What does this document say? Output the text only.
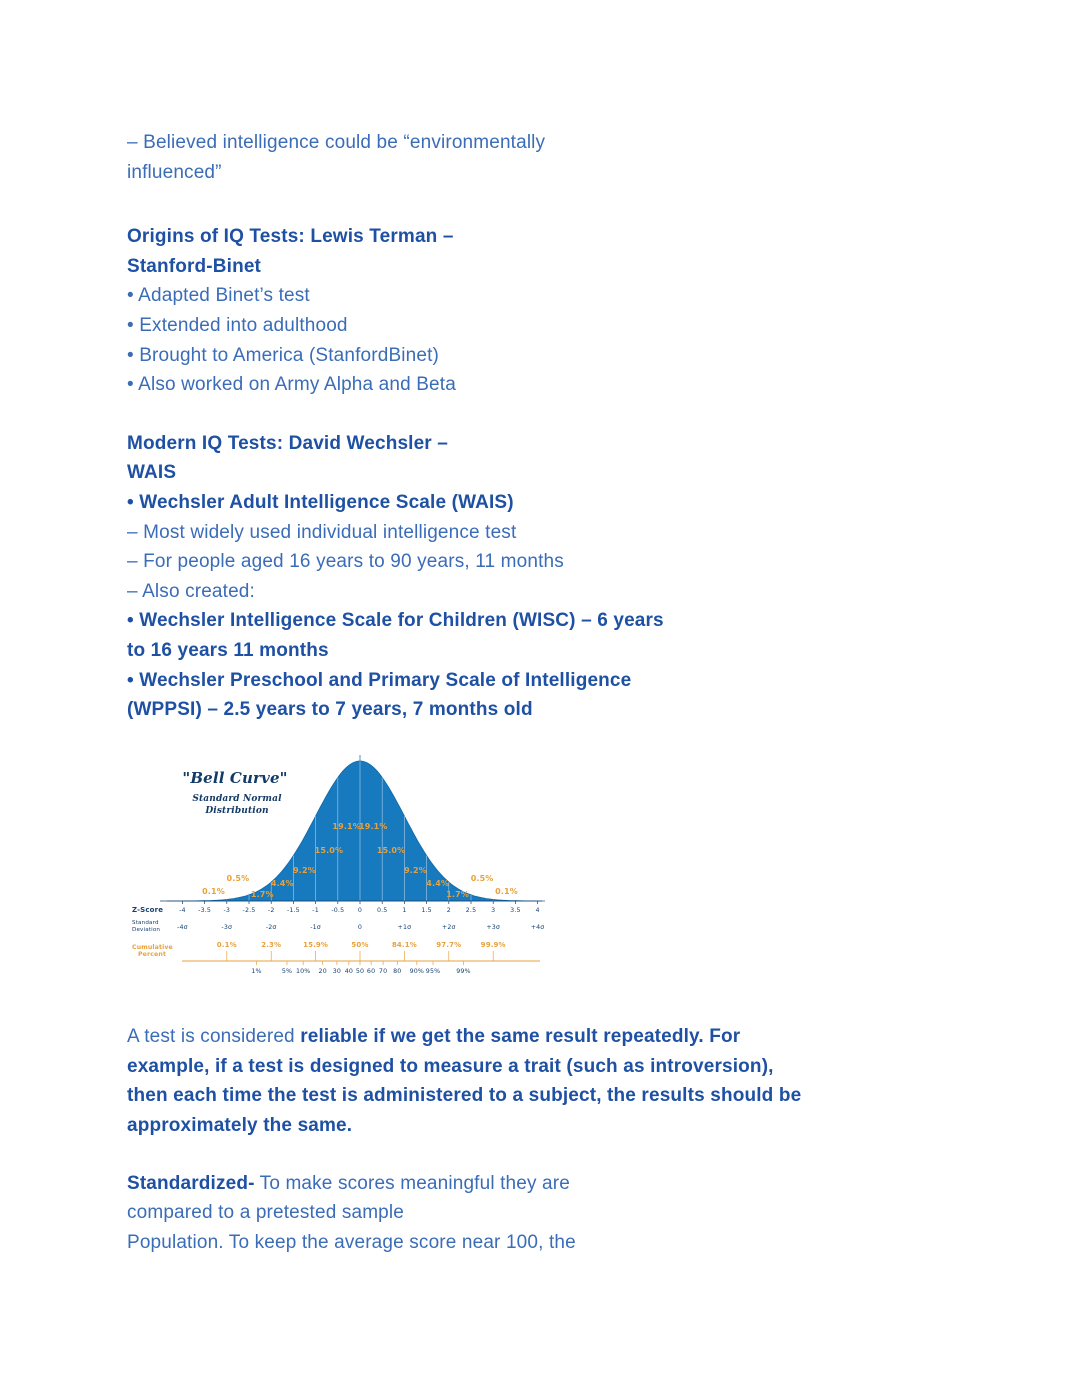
– Believed intelligence could be “environmentally
influenced”

Origins of IQ Tests: Lewis Terman –
Stanford-Binet
• Adapted Binet’s test
• Extended into adulthood
• Brought to America (StanfordBinet)
• Also worked on Army Alpha and Beta

Modern IQ Tests: David Wechsler –
WAIS
• Wechsler Adult Intelligence Scale (WAIS)
– Most widely used individual intelligence test
– For people aged 16 years to 90 years, 11 months
– Also created:
• Wechsler Intelligence Scale for Children (WISC) – 6 years
to 16 years 11 months
• Wechsler Preschool and Primary Scale of Intelligence
(WPPSI) – 2.5 years to 7 years, 7 months old

"Bell Curve"
Standard Normal
Distribution
0.1%
0.5%
1.7%
4.4%
9.2%
15.0%
19.1%
19.1%
15.0%
9.2%
4.4%
1.7%
0.5%
0.1%
Z-Score	-4 -3.5 -3 -2.5 -2 -1.5 -1 -0.5 0 0.5 1 1.5 2 2.5 3 3.5 4
Standard
Deviation	-4σ	-3σ	-2σ	-1σ	0	+1σ	+2σ	+3σ	+4σ
Cumulative
Percent
0.1%	2.3%	15.9%	50%	84.1%	97.7%	99.9%
1%	5% 10% 20 30 40 50 60 70 80 90% 95%	99%

A test is considered reliable if we get the same result repeatedly. For
example, if a test is designed to measure a trait (such as introversion),
then each time the test is administered to a subject, the results should be
approximately the same.

Standardized- To make scores meaningful they are
compared to a pretested sample
Population. To keep the average score near 100, the
